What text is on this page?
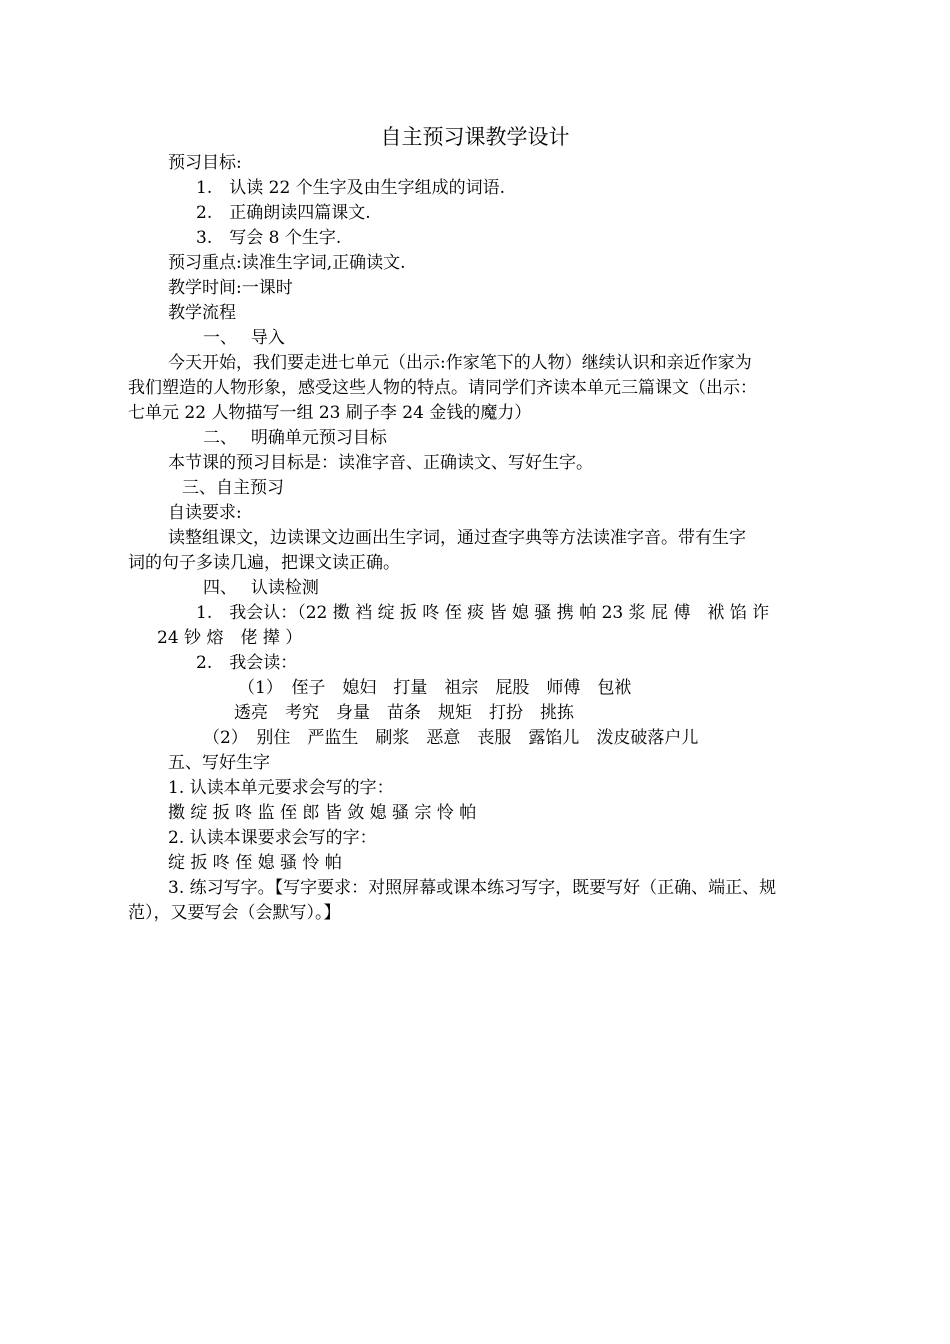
自主预习课教学设计

预习目标:

1.　认读 22 个生字及由生字组成的词语.

2.　正确朗读四篇课文.

3.　写会 8 个生字.

预习重点:读准生字词,正确读文.

教学时间:一课时

教学流程

一、　 导入

今天开始，我们要走进七单元（出示:作家笔下的人物）继续认识和亲近作家为

我们塑造的人物形象，感受这些人物的特点。请同学们齐读本单元三篇课文（出示：

七单元 22 人物描写一组 23 刷子李 24 金钱的魔力）

二、　 明确单元预习目标

本节课的预习目标是：读准字音、正确读文、写好生字。

三、自主预习

自读要求:

读整组课文，边读课文边画出生字词，通过查字典等方法读准字音。带有生字

词的句子多读几遍，把课文读正确。

四、　 认读检测

1.　我会认：（22 擞 裆 绽 扳 咚 侄 痰 皆 媳 骚 携 帕 23 浆 屁 傅　袱 馅 诈

24 钞 熔　佬 撵 ）

2.　我会读：

（1）　侄子　媳妇　打量　祖宗　屁股　师傅　包袱

透亮　考究　身量　苗条　规矩　打扮　挑拣

（2）　别住　严监生　刷浆　恶意　丧服　露馅儿　泼皮破落户儿

五、写好生字

1. 认读本单元要求会写的字：

擞 绽 扳 咚 监 侄 郎 皆 敛 媳 骚 宗 怜 帕

2. 认读本课要求会写的字：

绽 扳 咚 侄 媳 骚 怜 帕

3. 练习写字。【写字要求：对照屏幕或课本练习写字，既要写好（正确、端正、规

范），又要写会（会默写）。】
